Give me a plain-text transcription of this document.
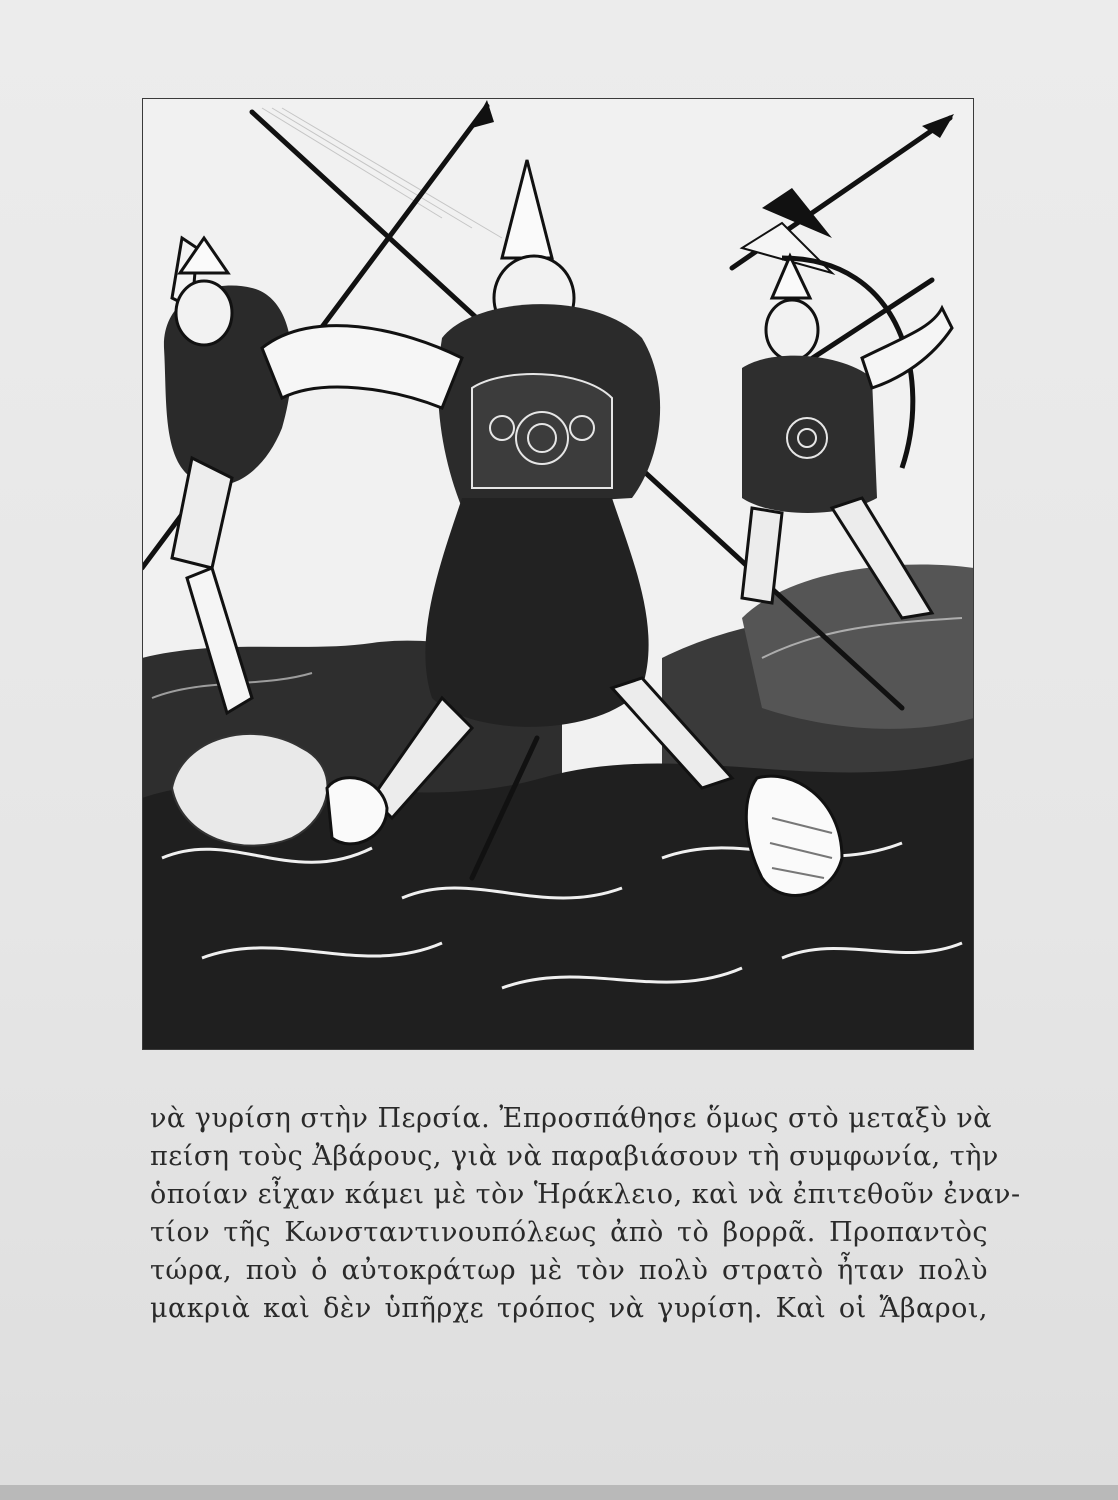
νὰ γυρίση στὴν Περσία. Ἐπροσπάθησε ὅμως στὸ μεταξὺ νὰ
πείση τοὺς Ἀβάρους, γιὰ νὰ παραβιάσουν τὴ συμφωνία, τὴν
ὁποίαν εἶχαν κάμει μὲ τὸν Ἡράκλειο, καὶ νὰ ἐπιτεθοῦν ἐναν-
τίον τῆς Κωνσταντινουπόλεως ἀπὸ τὸ βορρᾶ. Προπαντὸς
τώρα, ποὺ ὁ αὐτοκράτωρ μὲ τὸν πολὺ στρατὸ ἦταν πολὺ
μακριὰ καὶ δὲν ὑπῆρχε τρόπος νὰ γυρίση. Καὶ οἱ Ἄβαροι,
